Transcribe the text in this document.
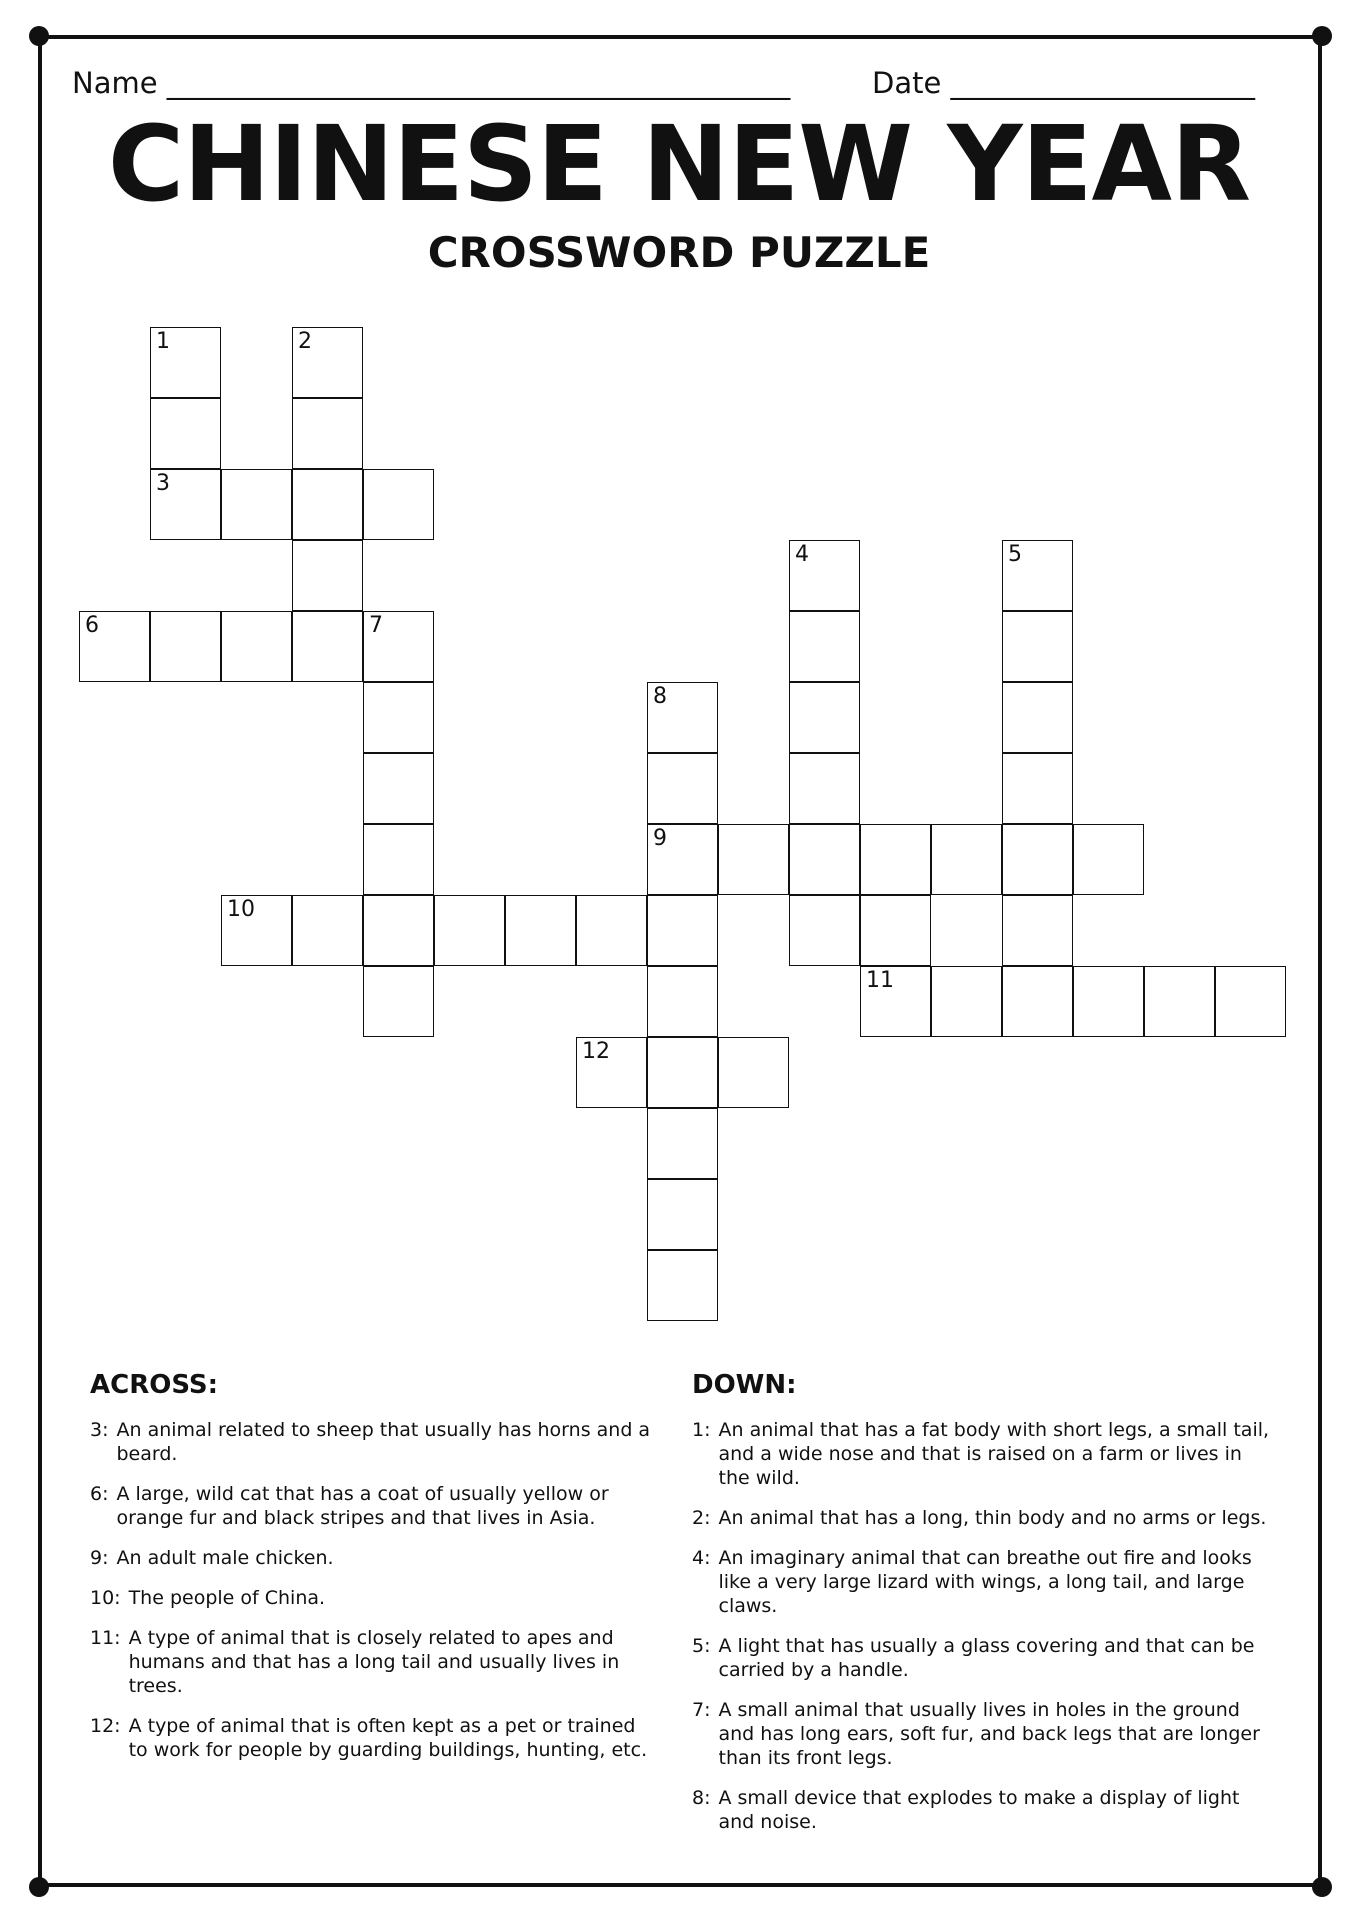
Name ___________________________________________	Date _____________________
CHINESE NEW YEAR
CROSSWORD PUZZLE
1	2
3
4	5
6	7
8
9
10
11
12
ACROSS:
3: An animal related to sheep that usually has horns and a beard.
6: A large, wild cat that has a coat of usually yellow or orange fur and black stripes and that lives in Asia.
9: An adult male chicken.
10: The people of China.
11: A type of animal that is closely related to apes and humans and that has a long tail and usually lives in trees.
12: A type of animal that is often kept as a pet or trained to work for people by guarding buildings, hunting, etc.
DOWN:
1: An animal that has a fat body with short legs, a small tail, and a wide nose and that is raised on a farm or lives in the wild.
2: An animal that has a long, thin body and no arms or legs.
4: An imaginary animal that can breathe out fire and looks like a very large lizard with wings, a long tail, and large claws.
5: A light that has usually a glass covering and that can be carried by a handle.
7: A small animal that usually lives in holes in the ground and has long ears, soft fur, and back legs that are longer than its front legs.
8: A small device that explodes to make a display of light and noise.
